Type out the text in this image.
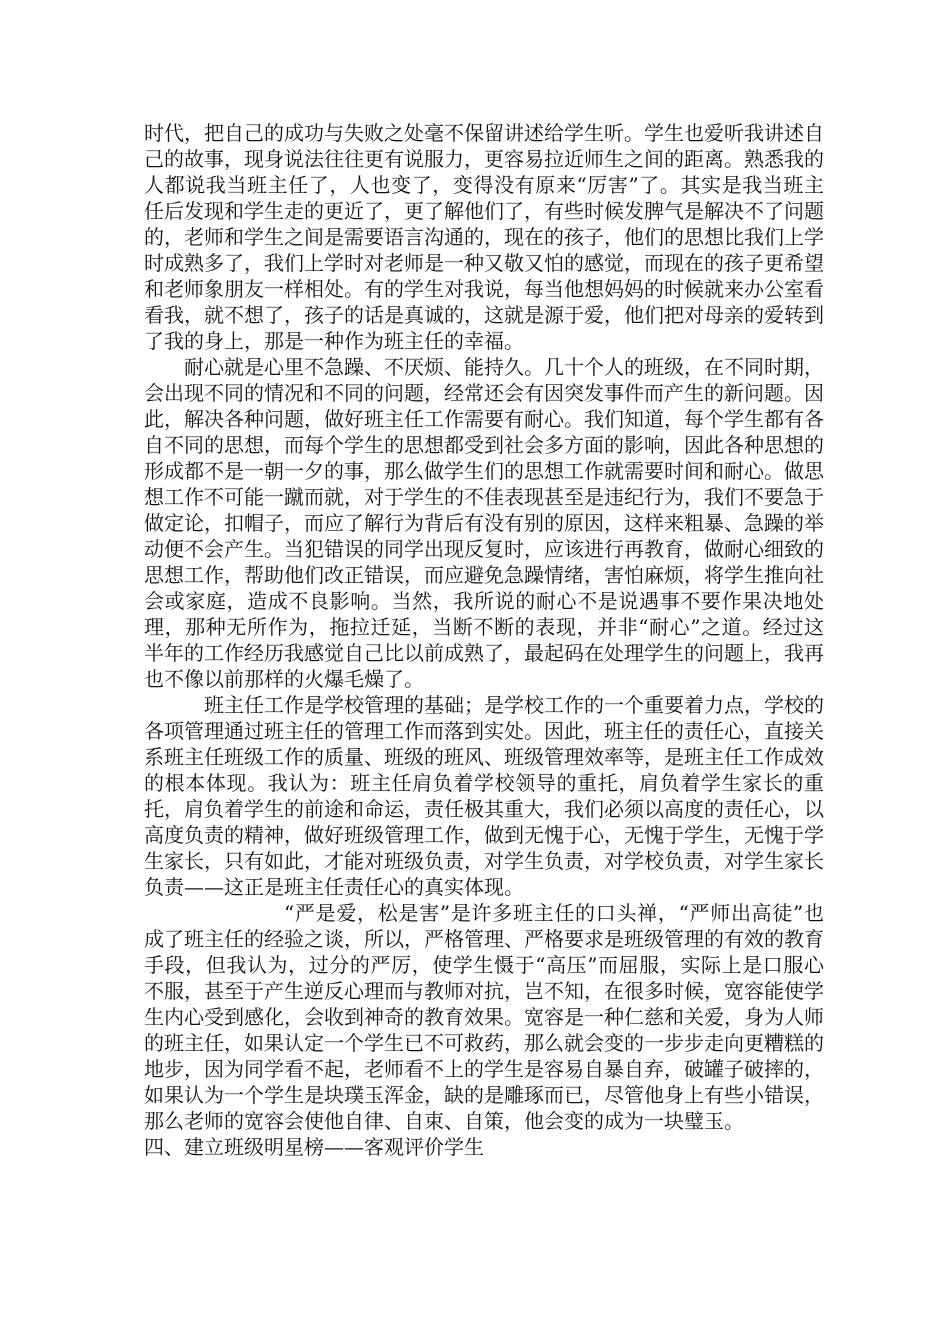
时代，把自己的成功与失败之处毫不保留讲述给学生听。学生也爱听我讲述自己的故事，现身说法往往更有说服力，更容易拉近师生之间的距离。熟悉我的人都说我当班主任了，人也变了，变得没有原来“厉害”了。其实是我当班主任后发现和学生走的更近了，更了解他们了，有些时候发脾气是解决不了问题的，老师和学生之间是需要语言沟通的，现在的孩子，他们的思想比我们上学时成熟多了，我们上学时对老师是一种又敬又怕的感觉，而现在的孩子更希望和老师象朋友一样相处。有的学生对我说，每当他想妈妈的时候就来办公室看看我，就不想了，孩子的话是真诚的，这就是源于爱，他们把对母亲的爱转到了我的身上，那是一种作为班主任的幸福。

耐心就是心里不急躁、不厌烦、能持久。几十个人的班级，在不同时期，会出现不同的情况和不同的问题，经常还会有因突发事件而产生的新问题。因此，解决各种问题，做好班主任工作需要有耐心。我们知道，每个学生都有各自不同的思想，而每个学生的思想都受到社会多方面的影响，因此各种思想的形成都不是一朝一夕的事，那么做学生们的思想工作就需要时间和耐心。做思想工作不可能一蹴而就，对于学生的不佳表现甚至是违纪行为，我们不要急于做定论，扣帽子，而应了解行为背后有没有别的原因，这样来粗暴、急躁的举动便不会产生。当犯错误的同学出现反复时，应该进行再教育，做耐心细致的思想工作，帮助他们改正错误，而应避免急躁情绪，害怕麻烦，将学生推向社会或家庭，造成不良影响。当然，我所说的耐心不是说遇事不要作果决地处理，那种无所作为，拖拉迁延，当断不断的表现，并非“耐心”之道。经过这半年的工作经历我感觉自己比以前成熟了，最起码在处理学生的问题上，我再也不像以前那样的火爆毛燥了。

班主任工作是学校管理的基础；是学校工作的一个重要着力点，学校的各项管理通过班主任的管理工作而落到实处。因此，班主任的责任心，直接关系班主任班级工作的质量、班级的班风、班级管理效率等，是班主任工作成效的根本体现。我认为：班主任肩负着学校领导的重托，肩负着学生家长的重托，肩负着学生的前途和命运，责任极其重大，我们必须以高度的责任心，以高度负责的精神，做好班级管理工作，做到无愧于心，无愧于学生，无愧于学生家长，只有如此，才能对班级负责，对学生负责，对学校负责，对学生家长负责——这正是班主任责任心的真实体现。

“严是爱，松是害”是许多班主任的口头禅，“严师出高徒”也成了班主任的经验之谈，所以，严格管理、严格要求是班级管理的有效的教育手段，但我认为，过分的严厉，使学生慑于“高压”而屈服，实际上是口服心不服，甚至于产生逆反心理而与教师对抗，岂不知，在很多时候，宽容能使学生内心受到感化，会收到神奇的教育效果。宽容是一种仁慈和关爱，身为人师的班主任，如果认定一个学生已不可救药，那么就会变的一步步走向更糟糕的地步，因为同学看不起，老师看不上的学生是容易自暴自弃，破罐子破摔的，如果认为一个学生是块璞玉浑金，缺的是雕琢而已，尽管他身上有些小错误，那么老师的宽容会使他自律、自束、自策，他会变的成为一块璧玉。

四、建立班级明星榜——客观评价学生
